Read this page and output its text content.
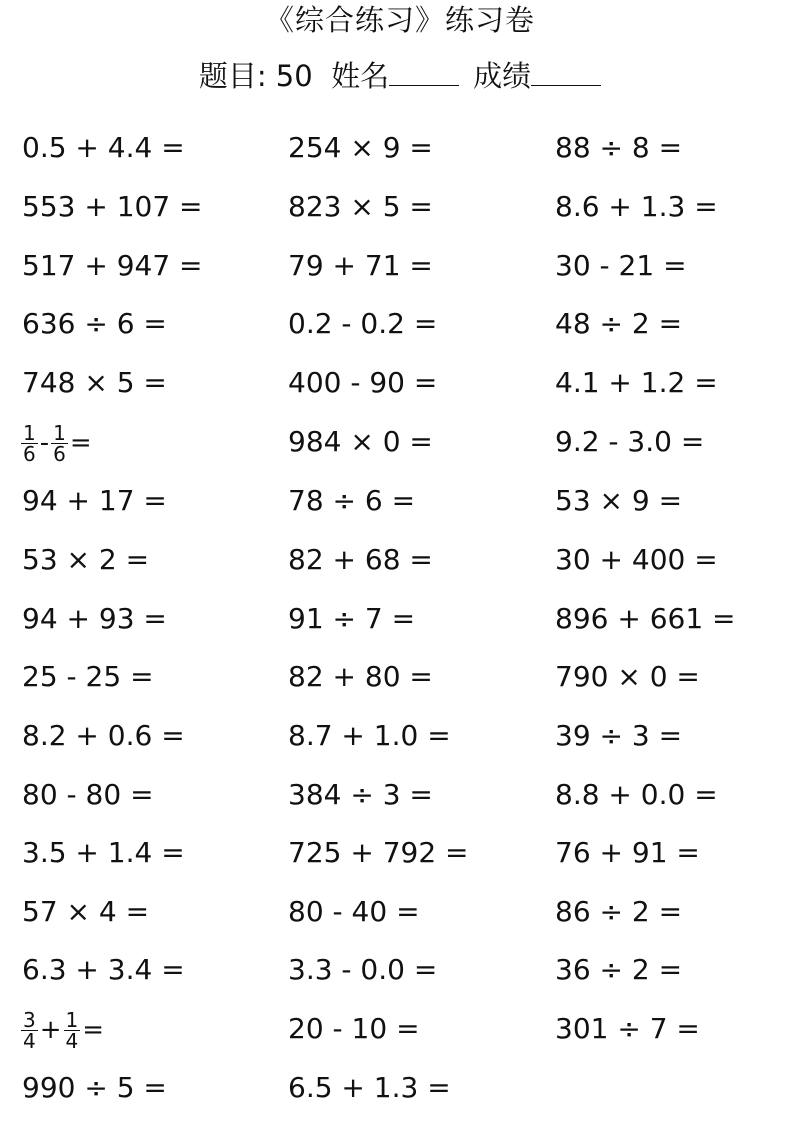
《综合练习》练习卷
题目: 50 姓名	成绩
0.5 + 4.4 =	254 × 9 =	88 ÷ 8 =
553 + 107 =	823 × 5 =	8.6 + 1.3 =
517 + 947 =	79 + 71 =	30 - 21 =
636 ÷ 6 =	0.2 - 0.2 =	48 ÷ 2 =
748 × 5 =	400 - 90 =	4.1 + 1.2 =
$\frac{1}{6} - \frac{1}{6}$ =	984 × 0 =	9.2 - 3.0 =
94 + 17 =	78 ÷ 6 =	53 × 9 =
53 × 2 =	82 + 68 =	30 + 400 =
94 + 93 =	91 ÷ 7 =	896 + 661 =
25 - 25 =	82 + 80 =	790 × 0 =
8.2 + 0.6 =	8.7 + 1.0 =	39 ÷ 3 =
80 - 80 =	384 ÷ 3 =	8.8 + 0.0 =
3.5 + 1.4 =	725 + 792 =	76 + 91 =
57 × 4 =	80 - 40 =	86 ÷ 2 =
6.3 + 3.4 =	3.3 - 0.0 =	36 ÷ 2 =
$\frac{3}{4} + \frac{1}{4}$ =	20 - 10 =	301 ÷ 7 =
990 ÷ 5 =	6.5 + 1.3 =
